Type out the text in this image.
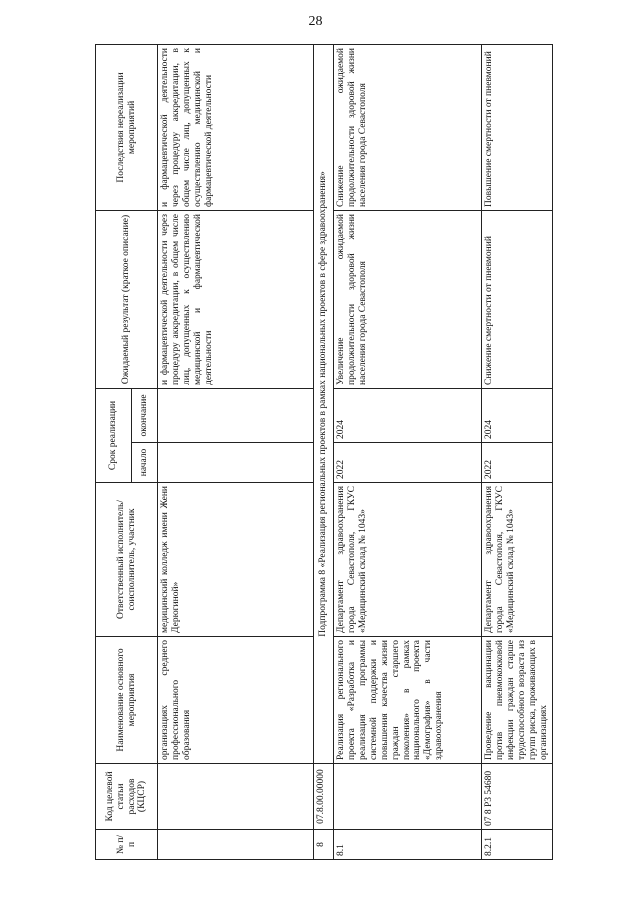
28
№ п/п	Код целевой статьи расходов (КЦСР)	Наименование основного мероприятия	Ответственный исполнитель/соисполнитель, участник	Срок реализации		Ожидаемый результат (краткое описание)	Последствия нереализации мероприятий
				начало	окончание		
		организациях среднего профессионального образования	медицинский колледж имени Жени Дерюгиной»			и фармацевтической деятельности через процедуру аккредитации, в общем числе лиц, допущенных к осуществлению медицинской и фармацевтической деятельности	и фармацевтической деятельности через процедуру аккредитации, в общем числе лиц, допущенных к осуществлению медицинской и фармацевтической деятельности
8	07.8.00.00000	Подпрограмма 8 «Реализация региональных проектов в рамках национальных проектов в сфере здравоохранения»					
8.1		Реализация регионального проекта «Разработка и реализация программы системной поддержки и повышения качества жизни граждан старшего поколения» в рамках национального проекта «Демография» в части здравоохранения	Департамент здравоохранения города Севастополя, ГКУС «Медицинский склад № 1043»	2022	2024	Увеличение ожидаемой продолжительности здоровой жизни населения города Севастополя	Снижение ожидаемой продолжительности здоровой жизни населения города Севастополя
8.2.1	07 8 P3 54680	Проведение вакцинации против пневмококковой инфекции граждан старше трудоспособного возраста из групп риска, проживающих в организациях	Департамент здравоохранения города Севастополя, ГКУС «Медицинский склад № 1043»	2022	2024	Снижение смертности от пневмоний	Повышение смертности от пневмоний
